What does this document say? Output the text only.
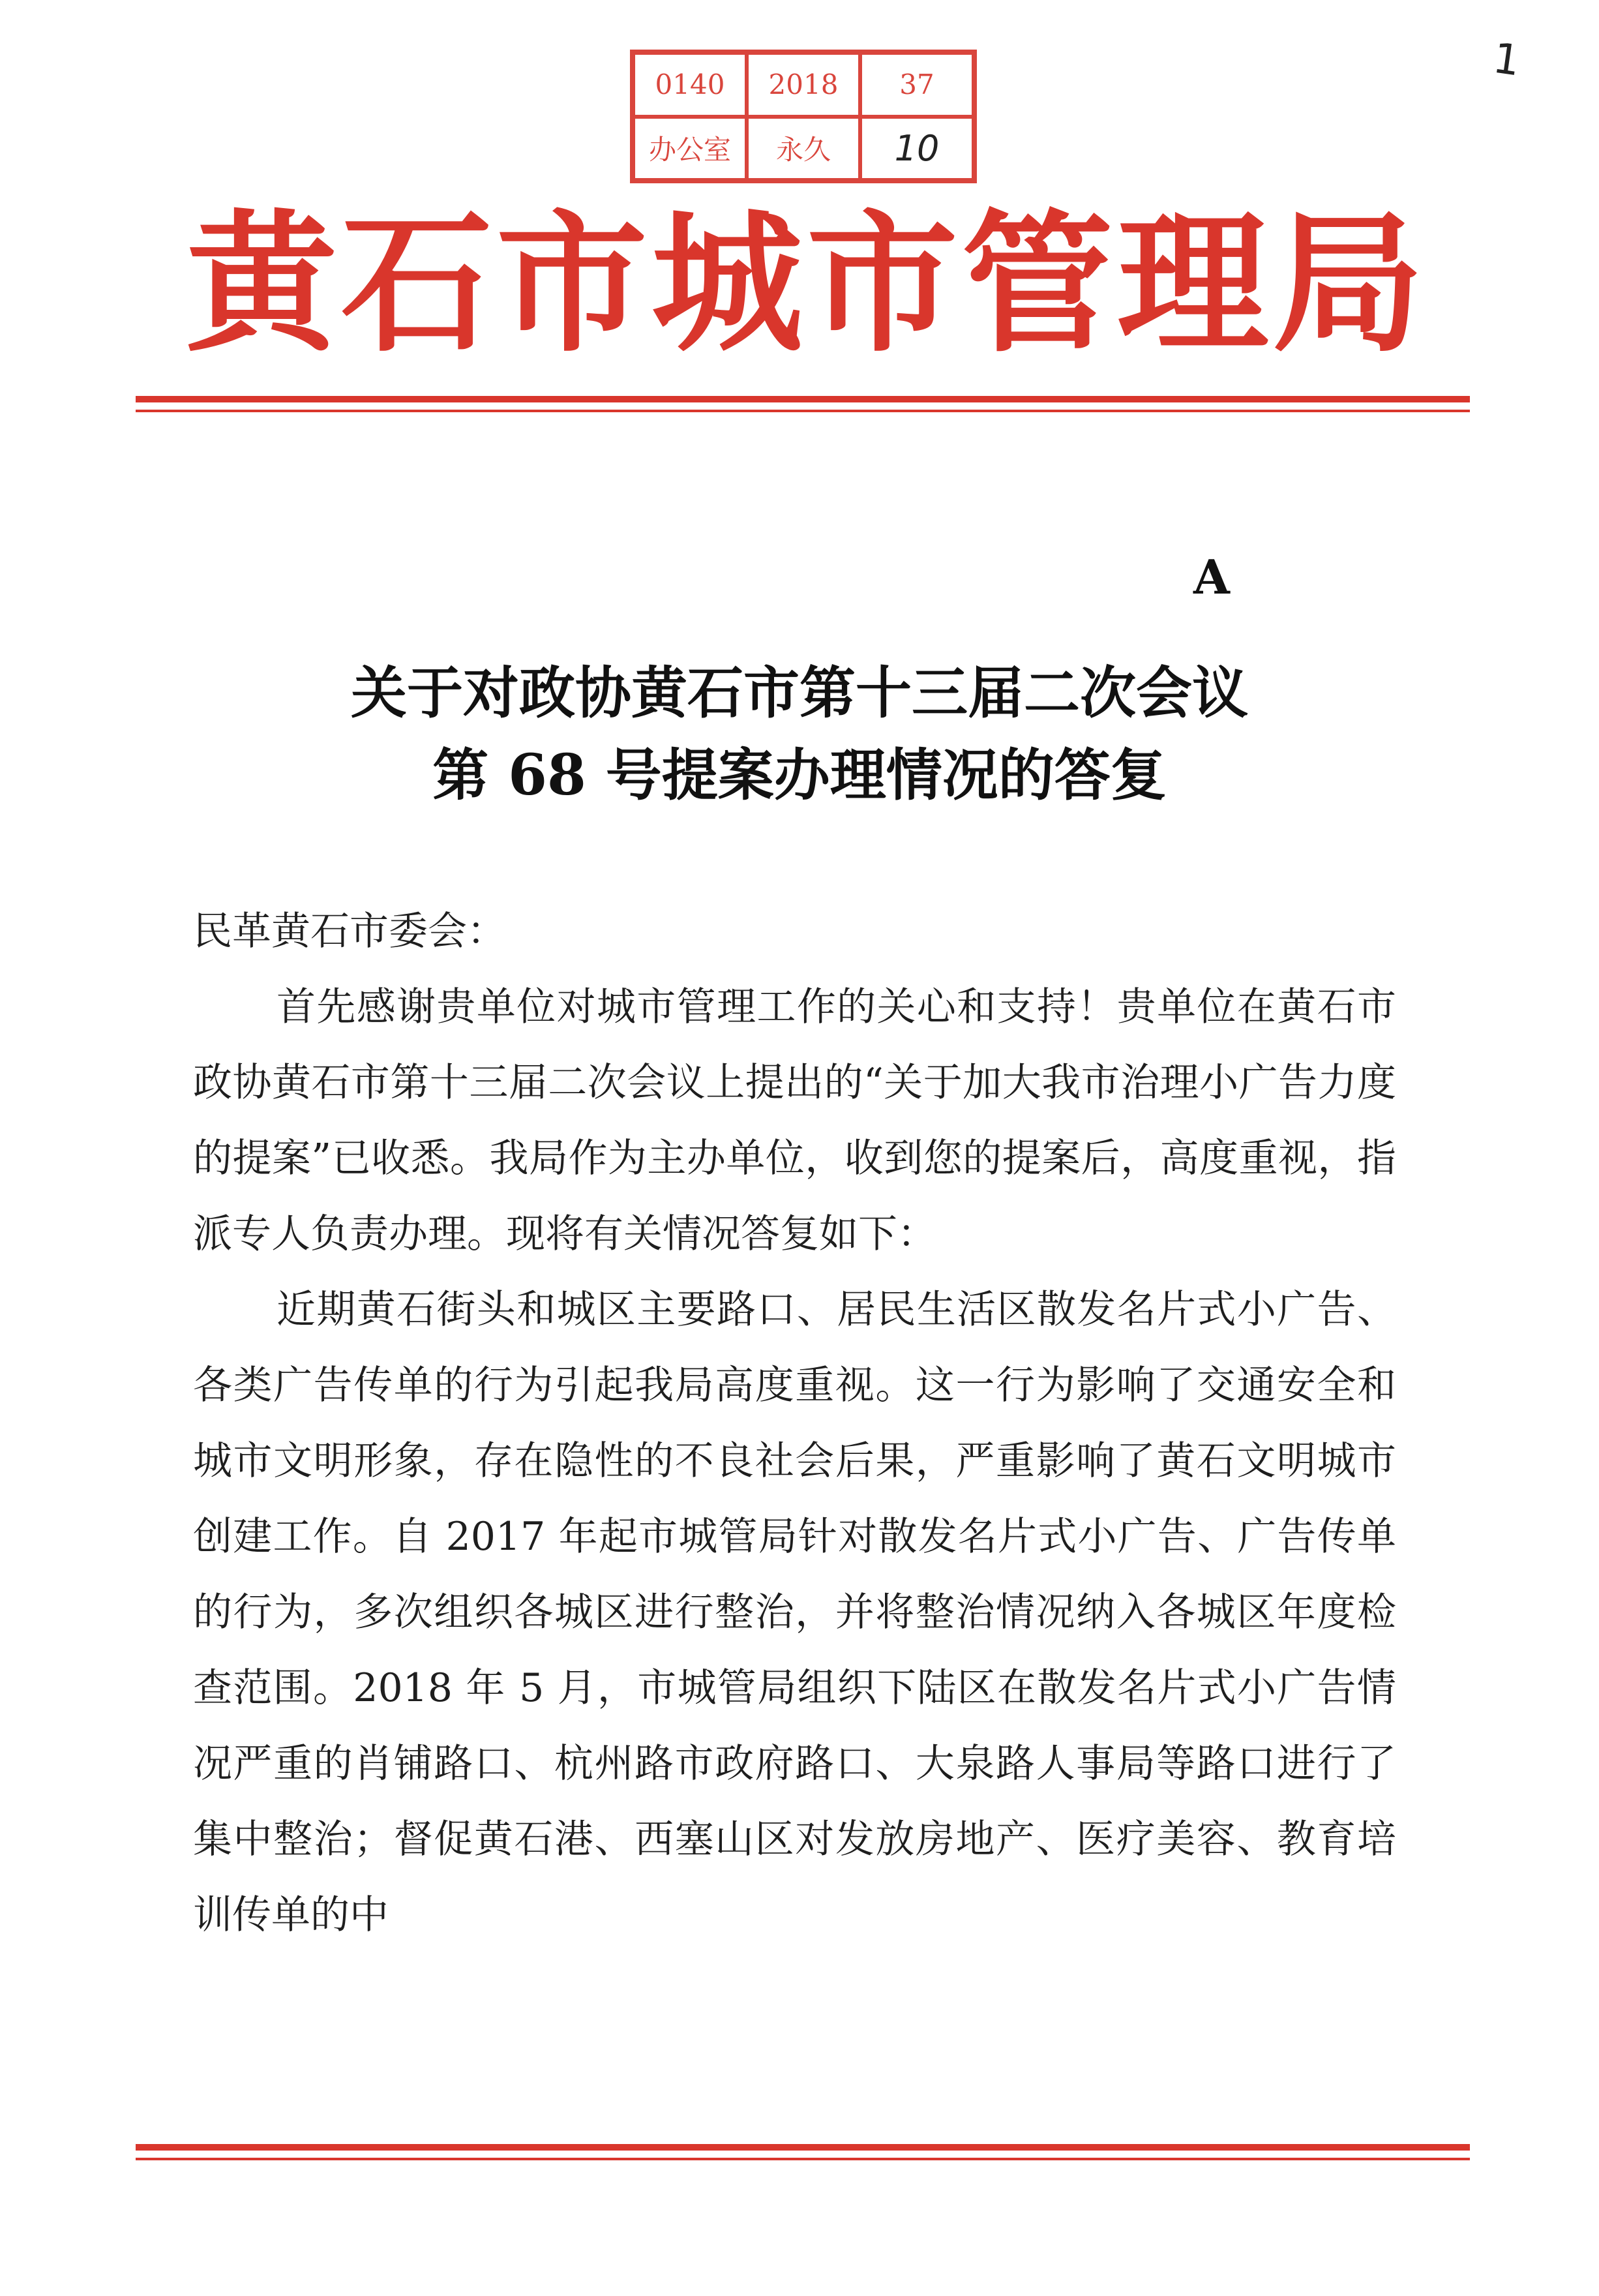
1
0140	2018	37
办公室	永久	10
黄石市城市管理局
A
关于对政协黄石市第十三届二次会议
第 68 号提案办理情况的答复

民革黄石市委会：

首先感谢贵单位对城市管理工作的关心和支持！贵单位在黄石市政协黄石市第十三届二次会议上提出的“关于加大我市治理小广告力度的提案”已收悉。我局作为主办单位，收到您的提案后，高度重视，指派专人负责办理。现将有关情况答复如下：

近期黄石街头和城区主要路口、居民生活区散发名片式小广告、各类广告传单的行为引起我局高度重视。这一行为影响了交通安全和城市文明形象，存在隐性的不良社会后果，严重影响了黄石文明城市创建工作。自 2017 年起市城管局针对散发名片式小广告、广告传单的行为，多次组织各城区进行整治，并将整治情况纳入各城区年度检查范围。2018 年 5 月，市城管局组织下陆区在散发名片式小广告情况严重的肖铺路口、杭州路市政府路口、大泉路人事局等路口进行了集中整治；督促黄石港、西塞山区对发放房地产、医疗美容、教育培训传单的中
